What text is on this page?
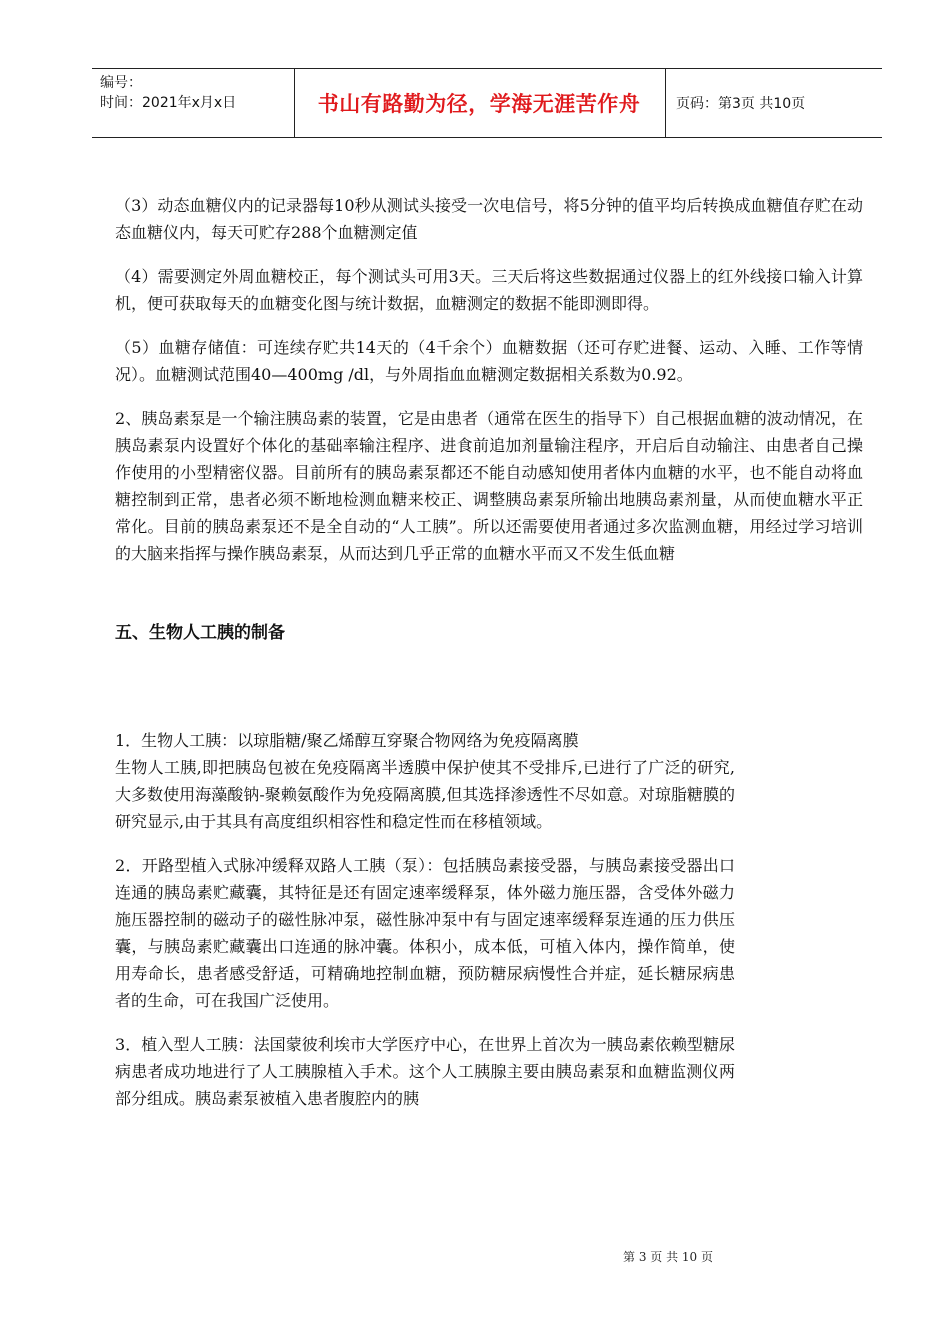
编号：
时间：2021年x月x日	书山有路勤为径，学海无涯苦作舟	页码：第3页 共10页

（3）动态血糖仪内的记录器每10秒从测试头接受一次电信号，将5分钟的值平均后转换成血糖值存贮在动态血糖仪内，每天可贮存288个血糖测定值

（4）需要测定外周血糖校正，每个测试头可用3天。三天后将这些数据通过仪器上的红外线接口输入计算机，便可获取每天的血糖变化图与统计数据，血糖测定的数据不能即测即得。

（5）血糖存储值：可连续存贮共14天的（4千余个）血糖数据（还可存贮进餐、运动、入睡、工作等情况）。血糖测试范围40—400mg /dl，与外周指血血糖测定数据相关系数为0.92。

2、胰岛素泵是一个输注胰岛素的装置，它是由患者（通常在医生的指导下）自己根据血糖的波动情况，在胰岛素泵内设置好个体化的基础率输注程序、进食前追加剂量输注程序，开启后自动输注、由患者自己操作使用的小型精密仪器。目前所有的胰岛素泵都还不能自动感知使用者体内血糖的水平，也不能自动将血糖控制到正常，患者必须不断地检测血糖来校正、调整胰岛素泵所输出地胰岛素剂量，从而使血糖水平正常化。目前的胰岛素泵还不是全自动的“人工胰”。所以还需要使用者通过多次监测血糖，用经过学习培训的大脑来指挥与操作胰岛素泵，从而达到几乎正常的血糖水平而又不发生低血糖

五、生物人工胰的制备

1．生物人工胰：以琼脂糖/聚乙烯醇互穿聚合物网络为免疫隔离膜

生物人工胰,即把胰岛包被在免疫隔离半透膜中保护使其不受排斥,已进行了广泛的研究,大多数使用海藻酸钠-聚赖氨酸作为免疫隔离膜,但其选择渗透性不尽如意。对琼脂糖膜的研究显示,由于其具有高度组织相容性和稳定性而在移植领域。

2．开路型植入式脉冲缓释双路人工胰（泵）：包括胰岛素接受器，与胰岛素接受器出口连通的胰岛素贮藏囊，其特征是还有固定速率缓释泵，体外磁力施压器，含受体外磁力施压器控制的磁动子的磁性脉冲泵，磁性脉冲泵中有与固定速率缓释泵连通的压力供压囊，与胰岛素贮藏囊出口连通的脉冲囊。体积小，成本低，可植入体内，操作简单，使用寿命长，患者感受舒适，可精确地控制血糖，预防糖尿病慢性合并症，延长糖尿病患者的生命，可在我国广泛使用。

3．植入型人工胰：法国蒙彼利埃市大学医疗中心，在世界上首次为一胰岛素依赖型糖尿病患者成功地进行了人工胰腺植入手术。这个人工胰腺主要由胰岛素泵和血糖监测仪两部分组成。胰岛素泵被植入患者腹腔内的胰

第 3 页 共 10 页
